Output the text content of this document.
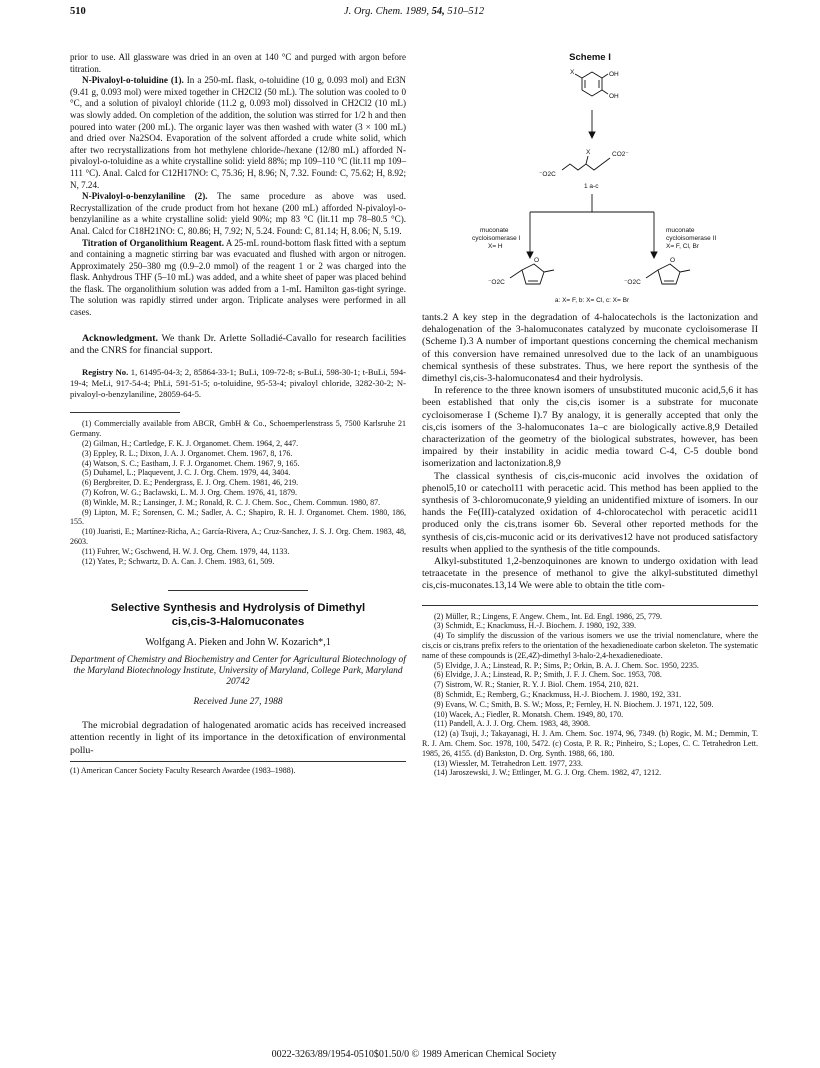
510	J. Org. Chem. 1989, 54, 510–512

prior to use. All glassware was dried in an oven at 140 °C and purged with argon before titration.

N-Pivaloyl-o-toluidine (1). In a 250-mL flask, o-toluidine (10 g, 0.093 mol) and Et3N (9.41 g, 0.093 mol) were mixed together in CH2Cl2 (50 mL). The solution was cooled to 0 °C, and a solution of pivaloyl chloride (11.2 g, 0.093 mol) dissolved in CH2Cl2 (10 mL) was slowly added. On completion of the addition, the solution was stirred for 1/2 h and then poured into water (200 mL). The organic layer was then washed with water (3 × 100 mL) and dried over Na2SO4. Evaporation of the solvent afforded a crude white solid, which after two recrystallizations from hot methylene chloride-/hexane (12/80 mL) afforded N-pivaloyl-o-toluidine as a white crystalline solid: yield 88%; mp 109–110 °C (lit.11 mp 109–111 °C). Anal. Calcd for C12H17NO: C, 75.36; H, 8.96; N, 7.32. Found: C, 75.62; H, 8.92; N, 7.24.

N-Pivaloyl-o-benzylaniline (2). The same procedure as above was used. Recrystallization of the crude product from hot hexane (200 mL) afforded N-pivaloyl-o-benzylaniline as a white crystalline solid: yield 90%; mp 83 °C (lit.11 mp 78–80.5 °C). Anal. Calcd for C18H21NO: C, 80.86; H, 7.92; N, 5.24. Found: C, 81.14; H, 8.06; N, 5.19.

Titration of Organolithium Reagent. A 25-mL round-bottom flask fitted with a septum and containing a magnetic stirring bar was evacuated and flushed with argon or nitrogen. Approximately 250–380 mg (0.9–2.0 mmol) of the reagent 1 or 2 was charged into the flask. Anhydrous THF (5–10 mL) was added, and a white sheet of paper was placed behind the flask. The organolithium solution was added from a 1-mL Hamilton gas-tight syringe. The solution was rapidly stirred under argon. Triplicate analyses were performed in all cases.

Acknowledgment. We thank Dr. Arlette Solladié-Cavallo for research facilities and the CNRS for financial support.

Registry No. 1, 61495-04-3; 2, 85864-33-1; BuLi, 109-72-8; s-BuLi, 598-30-1; t-BuLi, 594-19-4; MeLi, 917-54-4; PhLi, 591-51-5; o-toluidine, 95-53-4; pivaloyl chloride, 3282-30-2; N-pivaloyl-o-benzylaniline, 28059-64-5.

(1) Commercially available from ABCR, GmbH & Co., Schoemperlenstrass 5, 7500 Karlsruhe 21 Germany.

(2) Gilman, H.; Cartledge, F. K. J. Organomet. Chem. 1964, 2, 447.

(3) Eppley, R. L.; Dixon, J. A. J. Organomet. Chem. 1967, 8, 176.

(4) Watson, S. C.; Eastham, J. F. J. Organomet. Chem. 1967, 9, 165.

(5) Duhamel, L.; Plaquevent, J. C. J. Org. Chem. 1979, 44, 3404.

(6) Bergbreiter, D. E.; Pendergrass, E. J. Org. Chem. 1981, 46, 219.

(7) Kofron, W. G.; Baclawski, L. M. J. Org. Chem. 1976, 41, 1879.

(8) Winkle, M. R.; Lansinger, J. M.; Ronald, R. C. J. Chem. Soc., Chem. Commun. 1980, 87.

(9) Lipton, M. F.; Sorensen, C. M.; Sadler, A. C.; Shapiro, R. H. J. Organomet. Chem. 1980, 186, 155.

(10) Juaristi, E.; Martínez-Richa, A.; García-Rivera, A.; Cruz-Sanchez, J. S. J. Org. Chem. 1983, 48, 2603.

(11) Fuhrer, W.; Gschwend, H. W. J. Org. Chem. 1979, 44, 1133.

(12) Yates, P.; Schwartz, D. A. Can. J. Chem. 1983, 61, 509.

Selective Synthesis and Hydrolysis of Dimethyl
cis,cis-3-Halomuconates
Wolfgang A. Pieken and John W. Kozarich*,1
Department of Chemistry and Biochemistry and Center for Agricultural Biotechnology of the Maryland Biotechnology Institute, University of Maryland, College Park, Maryland 20742
Received June 27, 1988

The microbial degradation of halogenated aromatic acids has received increased attention recently in light of its importance in the detoxification of environmental pollu-

(1) American Cancer Society Faculty Research Awardee (1983–1988).
Scheme I
X	OH
OH
X	CO2⁻
⁻O2C
1 a-c
muconate
cycloisomerase I
X= H
muconate
cycloisomerase II
X= F, Cl, Br
O
⁻O2C
O
⁻O2C
a: X= F, b: X= Cl, c: X= Br

tants.2 A key step in the degradation of 4-halocatechols is the lactonization and dehalogenation of the 3-halomuconates catalyzed by muconate cycloisomerase II (Scheme I).3 A number of important questions concerning the chemical mechanism of this conversion have remained unresolved due to the lack of an unambiguous chemical synthesis of these substrates. Thus, we here report the synthesis of the dimethyl cis,cis-3-halomuconates4 and their hydrolysis.

In reference to the three known isomers of unsubstituted muconic acid,5,6 it has been established that only the cis,cis isomer is a substrate for muconate cycloisomerase I (Scheme I).7 By analogy, it is generally accepted that only the cis,cis isomers of the 3-halomuconates 1a–c are biologically active.8,9 Detailed characterization of the geometry of the biological substrates, however, has been impaired by their instability in acidic media toward C-4, C-5 double bond isomerization and lactonization.8,9

The classical synthesis of cis,cis-muconic acid involves the oxidation of phenol5,10 or catechol11 with peracetic acid. This method has been applied to the synthesis of 3-chloromuconate,9 yielding an unidentified mixture of isomers. In our hands the Fe(III)-catalyzed oxidation of 4-chlorocatechol with peracetic acid11 produced only the cis,trans isomer 6b. Several other reported methods for the synthesis of cis,cis-muconic acid or its derivatives12 have not produced satisfactory results when applied to the synthesis of the title compounds.

Alkyl-substituted 1,2-benzoquinones are known to undergo oxidation with lead tetraacetate in the presence of methanol to give the alkyl-substituted dimethyl cis,cis-muconates.13,14 We were able to obtain the title com-

(2) Müller, R.; Lingens, F. Angew. Chem., Int. Ed. Engl. 1986, 25, 779.

(3) Schmidt, E.; Knackmuss, H.-J. Biochem. J. 1980, 192, 339.

(4) To simplify the discussion of the various isomers we use the trivial nomenclature, where the cis,cis or cis,trans prefix refers to the orientation of the hexadienedioate carbon skeleton. The systematic name of these compounds is (2E,4Z)-dimethyl 3-halo-2,4-hexadienedioate.

(5) Elvidge, J. A.; Linstead, R. P.; Sims, P.; Orkin, B. A. J. Chem. Soc. 1950, 2235.

(6) Elvidge, J. A.; Linstead, R. P.; Smith, J. F. J. Chem. Soc. 1953, 708.

(7) Sistrom, W. R.; Stanier, R. Y. J. Biol. Chem. 1954, 210, 821.

(8) Schmidt, E.; Remberg, G.; Knackmuss, H.-J. Biochem. J. 1980, 192, 331.

(9) Evans, W. C.; Smith, B. S. W.; Moss, P.; Fernley, H. N. Biochem. J. 1971, 122, 509.

(10) Wacek, A.; Fiedler, R. Monatsh. Chem. 1949, 80, 170.

(11) Pandell, A. J. J. Org. Chem. 1983, 48, 3908.

(12) (a) Tsuji, J.; Takayanagi, H. J. Am. Chem. Soc. 1974, 96, 7349. (b) Rogic, M. M.; Demmin, T. R. J. Am. Chem. Soc. 1978, 100, 5472. (c) Costa, P. R. R.; Pinheiro, S.; Lopes, C. C. Tetrahedron Lett. 1985, 26, 4155. (d) Bankston, D. Org. Synth. 1988, 66, 180.

(13) Wiessler, M. Tetrahedron Lett. 1977, 233.

(14) Jaroszewski, J. W.; Ettlinger, M. G. J. Org. Chem. 1982, 47, 1212.

0022-3263/89/1954-0510$01.50/0 © 1989 American Chemical Society
